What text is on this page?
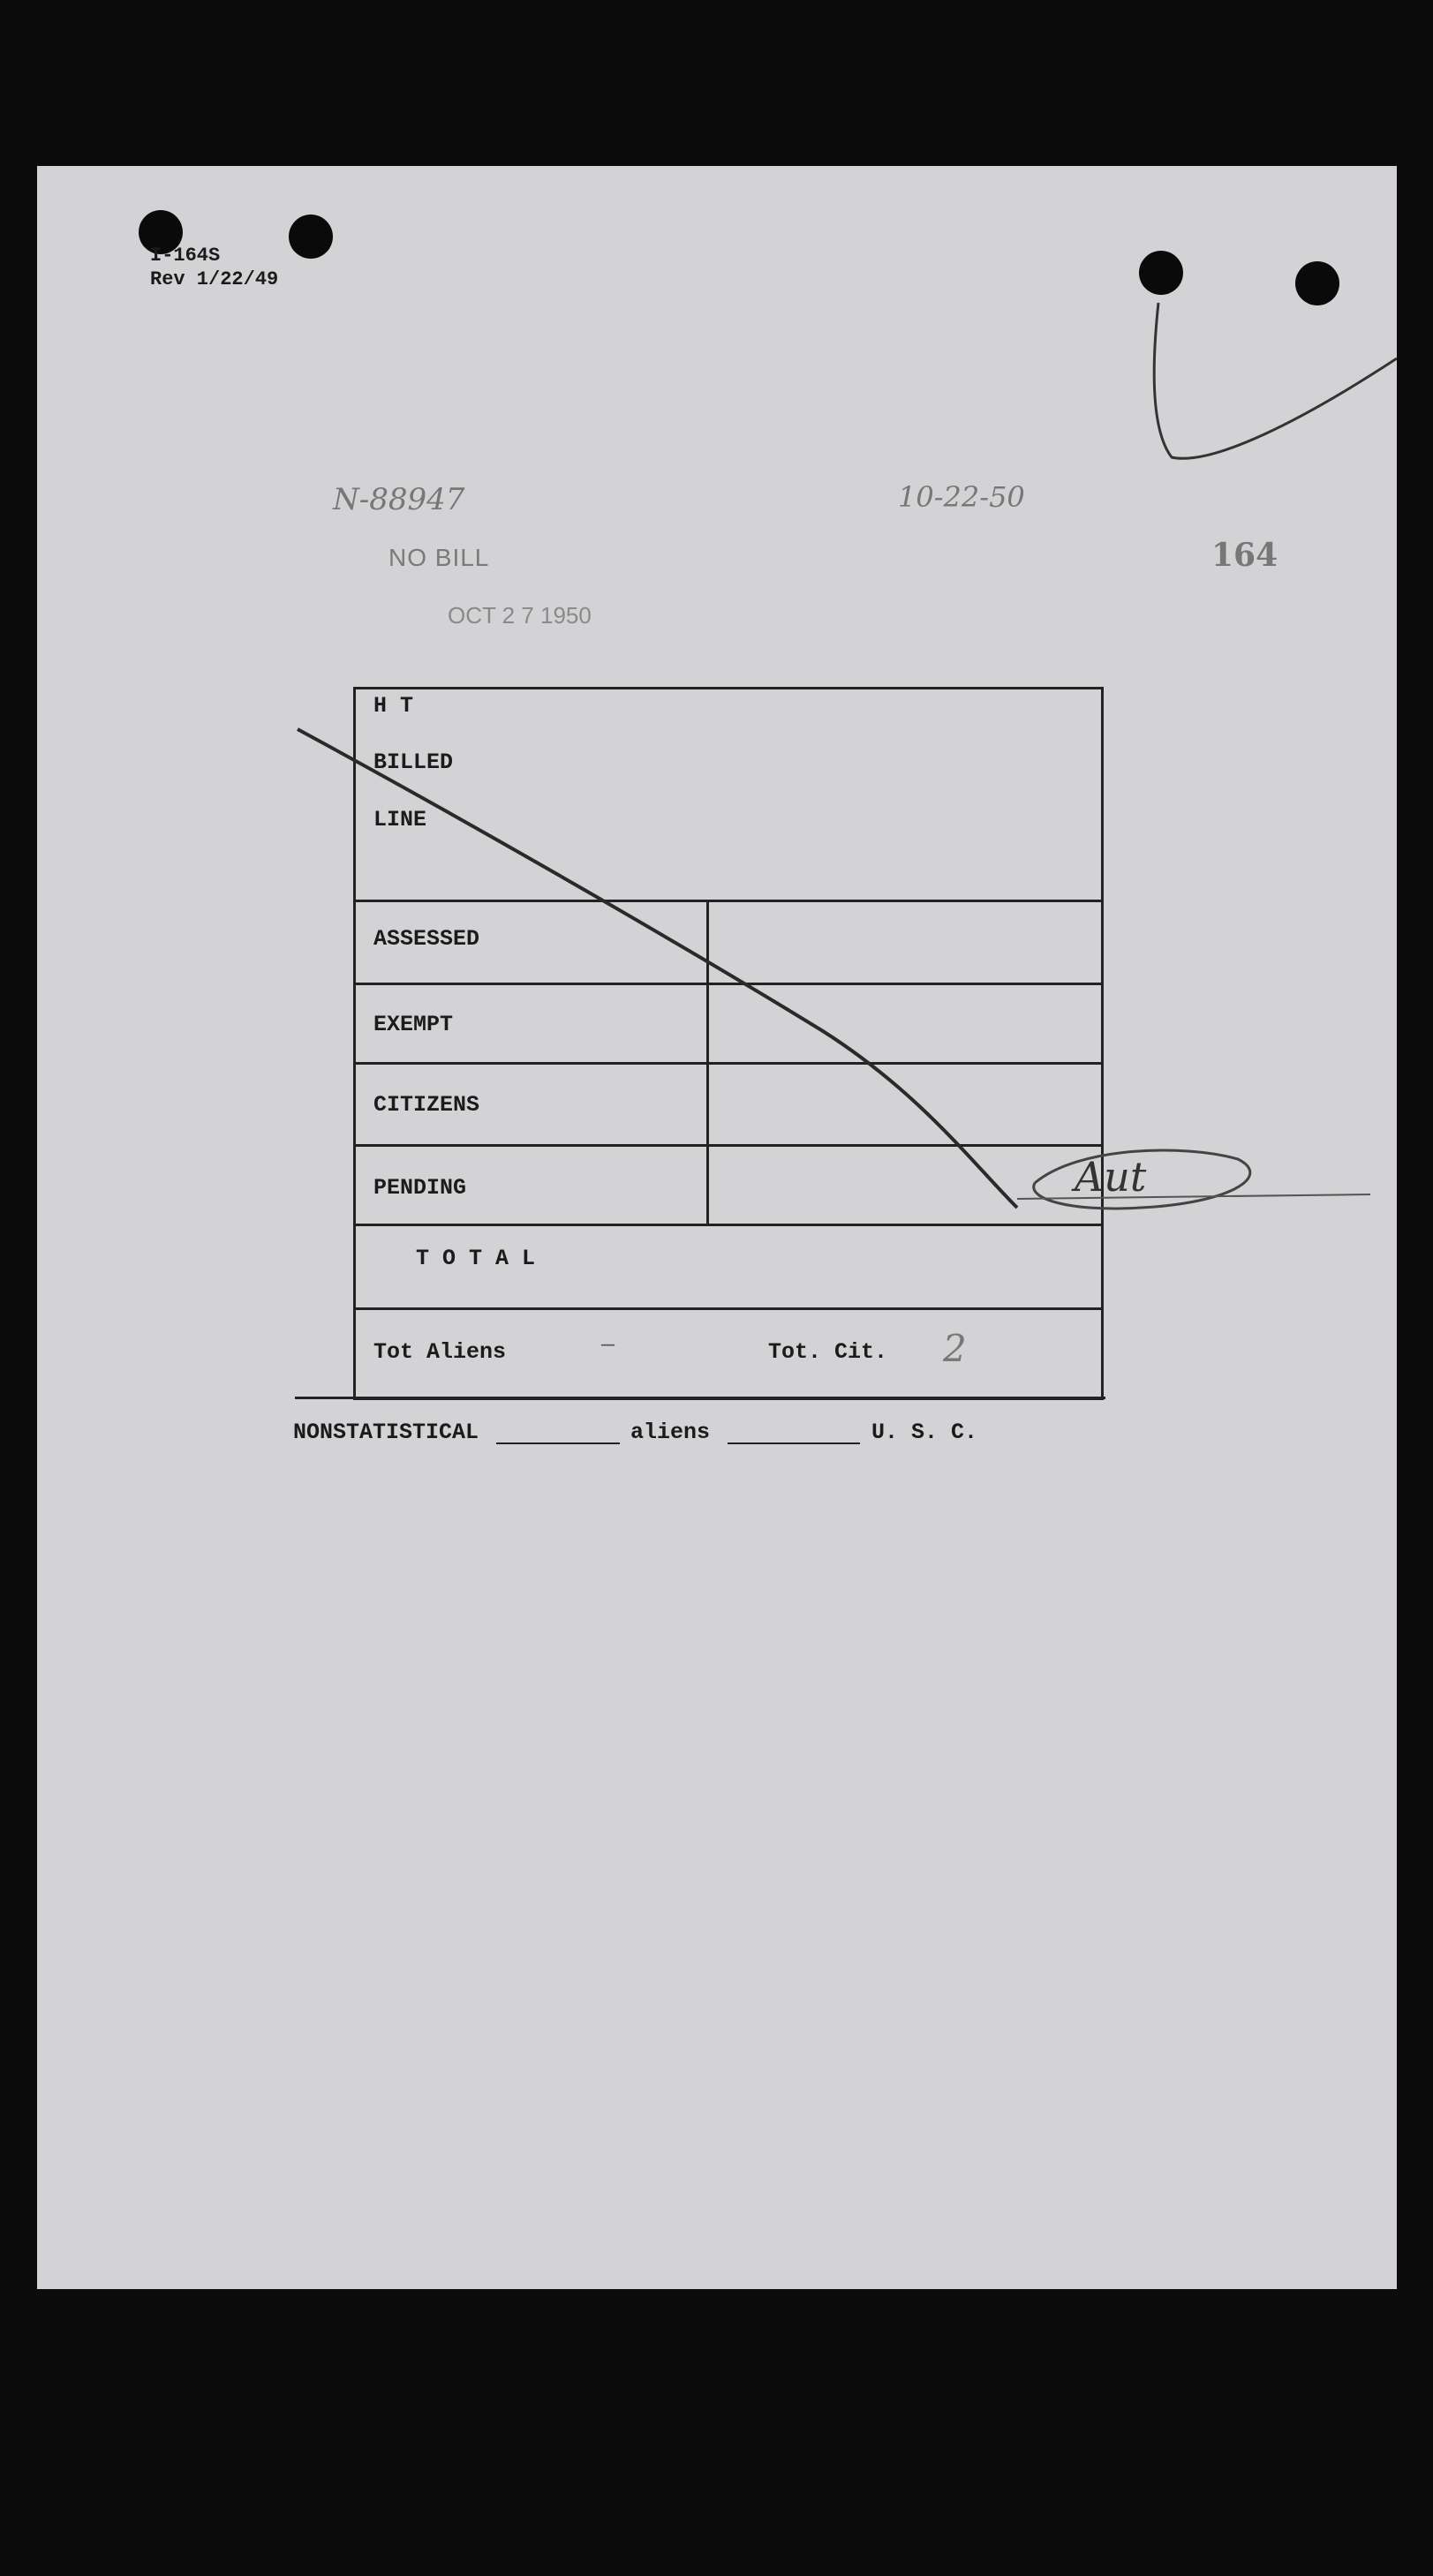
I-164S
Rev 1/22/49
N-88947	10-22-50
164
NO BILL
OCT 2 7 1950
H T
BILLED
LINE
ASSESSED
EXEMPT
CITIZENS
PENDING
T O T A L
Tot Aliens	—	Tot. Cit. 2
NONSTATISTICAL	aliens	U. S. C.
Aut
